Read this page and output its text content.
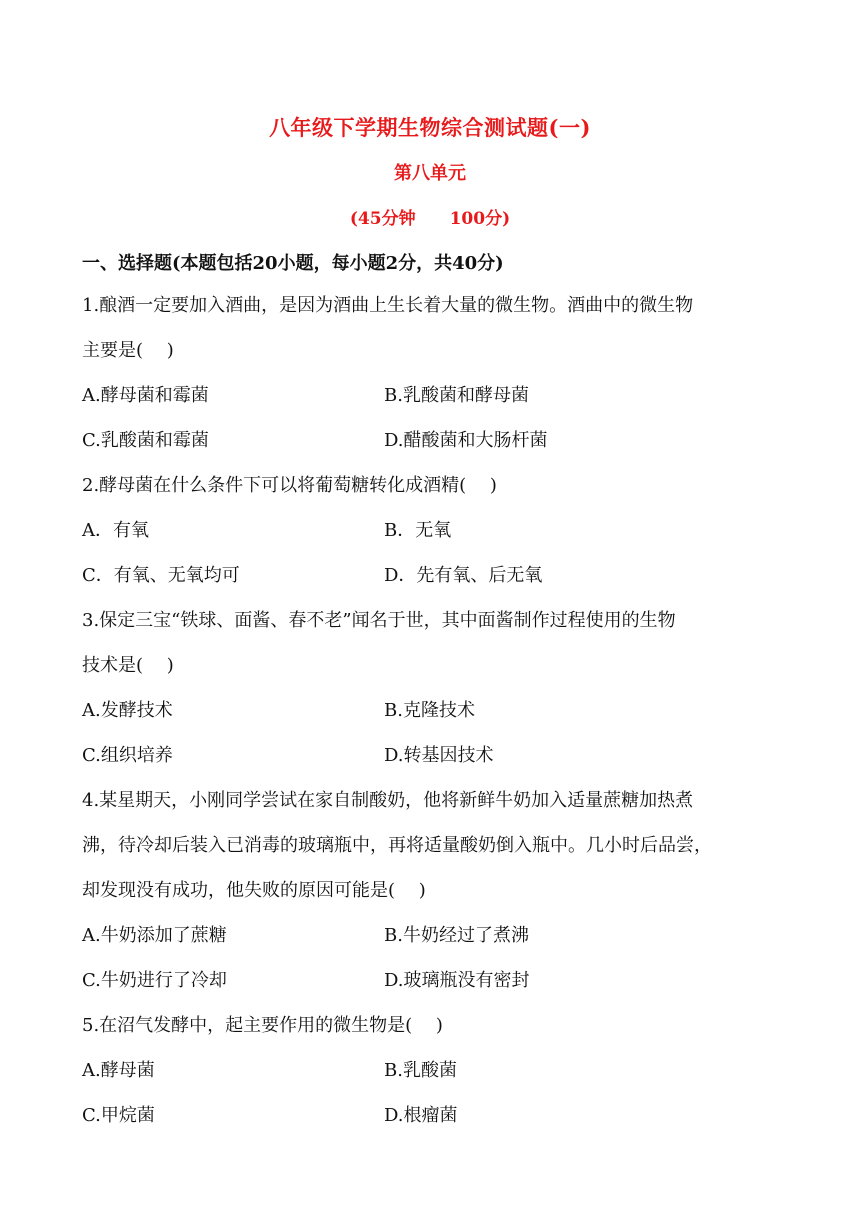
八年级下学期生物综合测试题(一)
第八单元
(45分钟 100分)
一、选择题(本题包括20小题，每小题2分，共40分)
1.酿酒一定要加入酒曲，是因为酒曲上生长着大量的微生物。酒曲中的微生物
主要是(　 )
A.酵母菌和霉菌	B.乳酸菌和酵母菌
C.乳酸菌和霉菌	D.醋酸菌和大肠杆菌
2.酵母菌在什么条件下可以将葡萄糖转化成酒精(　 )
A．有氧	B．无氧
C．有氧、无氧均可	D．先有氧、后无氧
3.保定三宝“铁球、面酱、春不老”闻名于世，其中面酱制作过程使用的生物
技术是(　 )
A.发酵技术	B.克隆技术
C.组织培养	D.转基因技术
4.某星期天，小刚同学尝试在家自制酸奶，他将新鲜牛奶加入适量蔗糖加热煮
沸，待冷却后装入已消毒的玻璃瓶中，再将适量酸奶倒入瓶中。几小时后品尝，
却发现没有成功，他失败的原因可能是(　 )
A.牛奶添加了蔗糖	B.牛奶经过了煮沸
C.牛奶进行了冷却	D.玻璃瓶没有密封
5.在沼气发酵中，起主要作用的微生物是(　 )
A.酵母菌	B.乳酸菌
C.甲烷菌	D.根瘤菌
